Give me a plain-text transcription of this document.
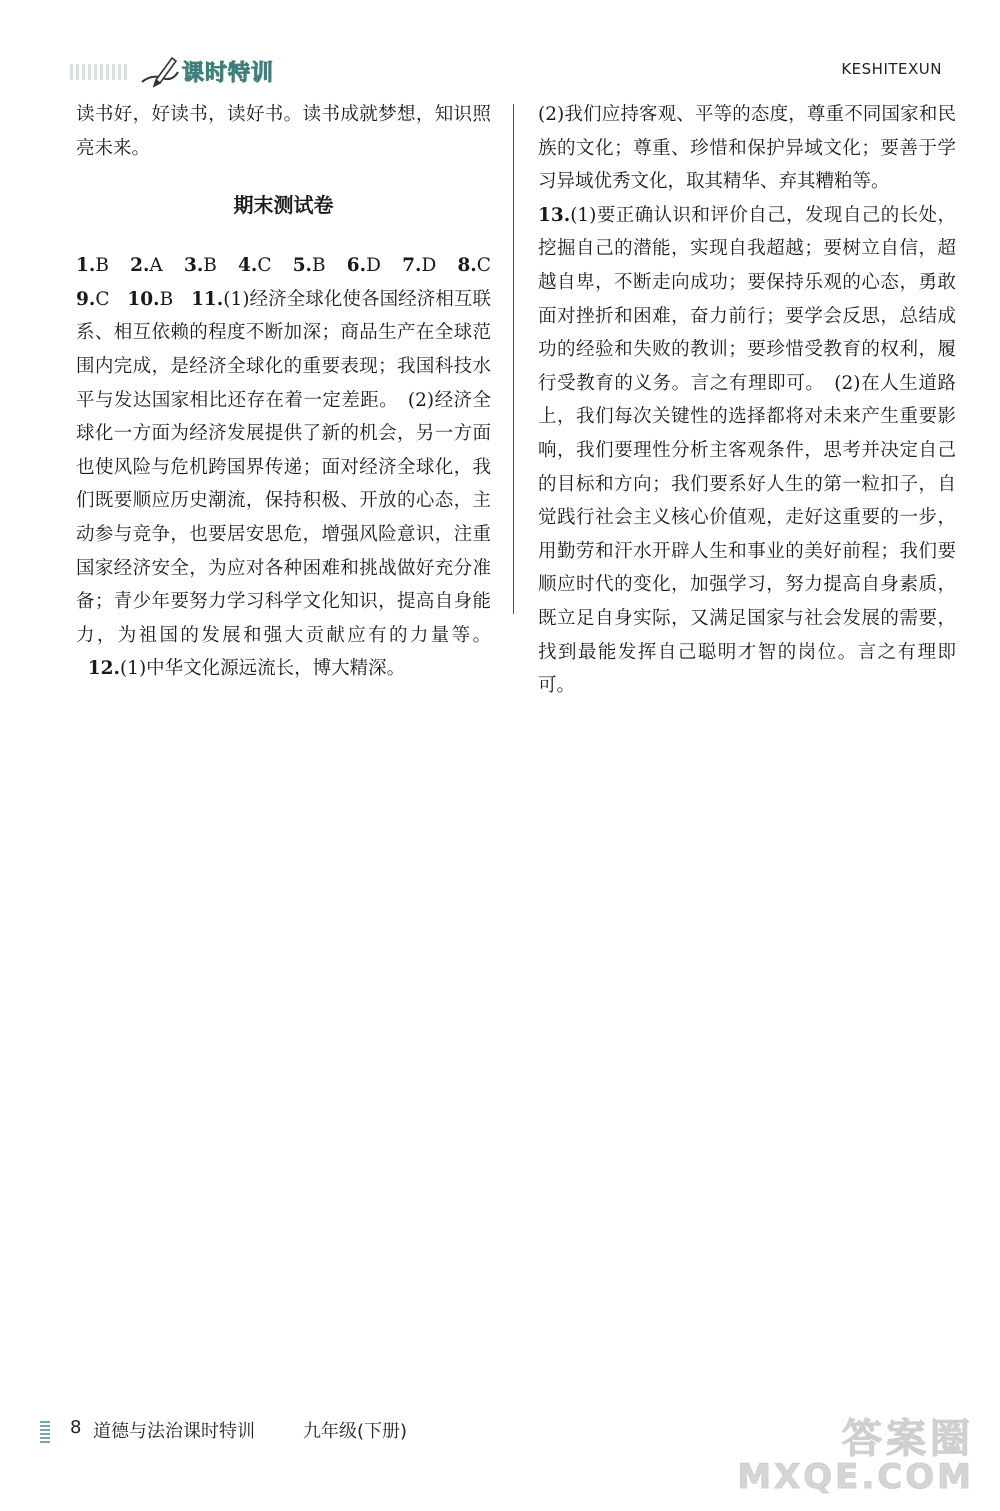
课时特训	KESHITEXUN
读书好，好读书，读好书。读书成就梦想，知识照亮未来。
期末测试卷
1.B 2.A 3.B 4.C 5.B 6.D 7.D 8.C 9.C 10.B 11.(1)经济全球化使各国经济相互联系、相互依赖的程度不断加深；商品生产在全球范围内完成，是经济全球化的重要表现；我国科技水平与发达国家相比还存在着一定差距。　(2)经济全球化一方面为经济发展提供了新的机会，另一方面也使风险与危机跨国界传递；面对经济全球化，我们既要顺应历史潮流，保持积极、开放的心态，主动参与竞争，也要居安思危，增强风险意识，注重国家经济安全，为应对各种困难和挑战做好充分准备；青少年要努力学习科学文化知识，提高自身能力，为祖国的发展和强大贡献应有的力量等。   12.(1)中华文化源远流长，博大精深。
(2)我们应持客观、平等的态度，尊重不同国家和民族的文化；尊重、珍惜和保护异域文化；要善于学习异域优秀文化，取其精华、弃其糟粕等。
13.(1)要正确认识和评价自己，发现自己的长处，挖掘自己的潜能，实现自我超越；要树立自信，超越自卑，不断走向成功；要保持乐观的心态，勇敢面对挫折和困难，奋力前行；要学会反思，总结成功的经验和失败的教训；要珍惜受教育的权利，履行受教育的义务。言之有理即可。　(2)在人生道路上，我们每次关键性的选择都将对未来产生重要影响，我们要理性分析主客观条件，思考并决定自己的目标和方向；我们要系好人生的第一粒扣子，自觉践行社会主义核心价值观，走好这重要的一步，用勤劳和汗水开辟人生和事业的美好前程；我们要顺应时代的变化，加强学习，努力提高自身素质，既立足自身实际，又满足国家与社会发展的需要，找到最能发挥自己聪明才智的岗位。言之有理即可。
8 道德与法治课时特训	九年级(下册)	答案圈
MXQE.COM
